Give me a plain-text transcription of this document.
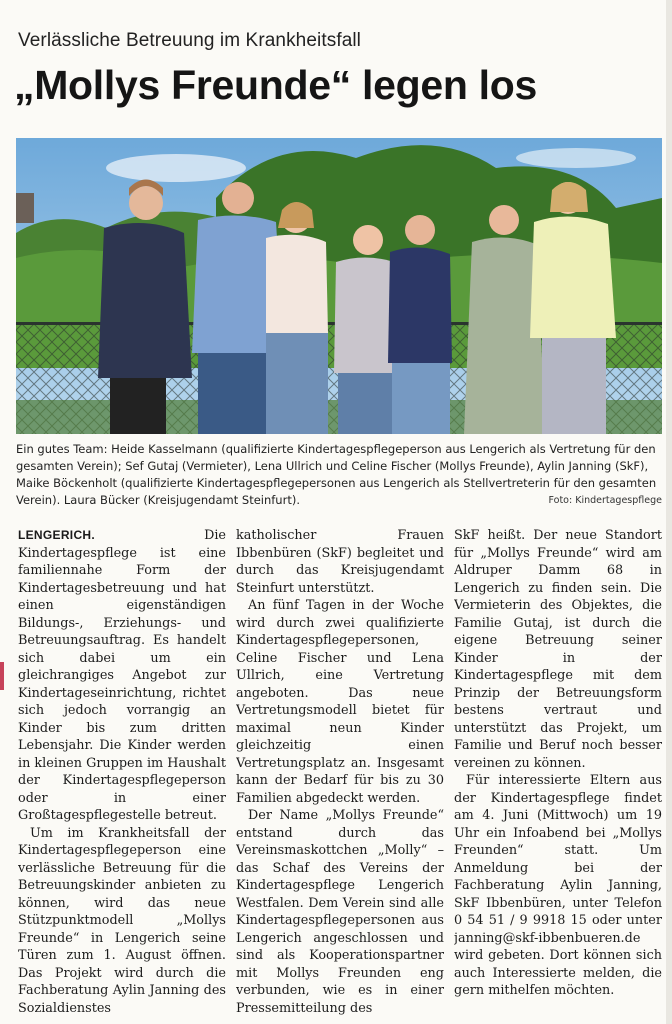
Verlässliche Betreuung im Krankheitsfall
„Mollys Freunde“ legen los
Ein gutes Team: Heide Kasselmann (qualifizierte Kindertagespflegeperson aus Lengerich als Vertretung für den gesamten Verein); Sef Gutaj (Vermieter), Lena Ullrich und Celine Fischer (Mollys Freunde), Aylin Janning (SkF), Maike Böckenholt (qualifizierte Kindertagespflegepersonen aus Lengerich als Stellvertreterin für den gesamten Verein). Laura Bücker (Kreisjugendamt Steinfurt).	Foto: Kindertagespflege

LENGERICH. Die Kindertagespflege ist eine familiennahe Form der Kindertagesbetreuung und hat einen eigenständigen Bildungs-, Erziehungs- und Betreuungsauftrag. Es handelt sich dabei um ein gleichrangiges Angebot zur Kindertageseinrichtung, richtet sich jedoch vorrangig an Kinder bis zum dritten Lebensjahr. Die Kinder werden in kleinen Gruppen im Haushalt der Kindertagespflegeperson oder in einer Großtagespflegestelle betreut.

Um im Krankheitsfall der Kindertagespflegeperson eine verlässliche Betreuung für die Betreuungskinder anbieten zu können, wird das neue Stützpunktmodell „Mollys Freunde“ in Lengerich seine Türen zum 1. August öffnen. Das Projekt wird durch die Fachberatung Aylin Janning des Sozialdienstes

katholischer Frauen Ibbenbüren (SkF) begleitet und durch das Kreisjugendamt Steinfurt unterstützt.

An fünf Tagen in der Woche wird durch zwei qualifizierte Kindertagespflegepersonen, Celine Fischer und Lena Ullrich, eine Vertretung angeboten. Das neue Vertretungsmodell bietet für maximal neun Kinder gleichzeitig einen Vertretungsplatz an. Insgesamt kann der Bedarf für bis zu 30 Familien abgedeckt werden.

Der Name „Mollys Freunde“ entstand durch das Vereinsmaskottchen „Molly“ – das Schaf des Vereins der Kindertagespflege Lengerich Westfalen. Dem Verein sind alle Kindertagespflegepersonen aus Lengerich angeschlossen und sind als Kooperationspartner mit Mollys Freunden eng verbunden, wie es in einer Pressemitteilung des

SkF heißt. Der neue Standort für „Mollys Freunde“ wird am Aldruper Damm 68 in Lengerich zu finden sein. Die Vermieterin des Objektes, die Familie Gutaj, ist durch die eigene Betreuung seiner Kinder in der Kindertagespflege mit dem Prinzip der Betreuungsform bestens vertraut und unterstützt das Projekt, um Familie und Beruf noch besser vereinen zu können.

Für interessierte Eltern aus der Kindertagespflege findet am 4. Juni (Mittwoch) um 19 Uhr ein Infoabend bei „Mollys Freunden“ statt. Um Anmeldung bei der Fachberatung Aylin Janning, SkF Ibbenbüren, unter Telefon 0 54 51 / 9 9918 15 oder unter janning@skf-ibbenbueren.de wird gebeten. Dort können sich auch Interessierte melden, die gern mithelfen möchten.
